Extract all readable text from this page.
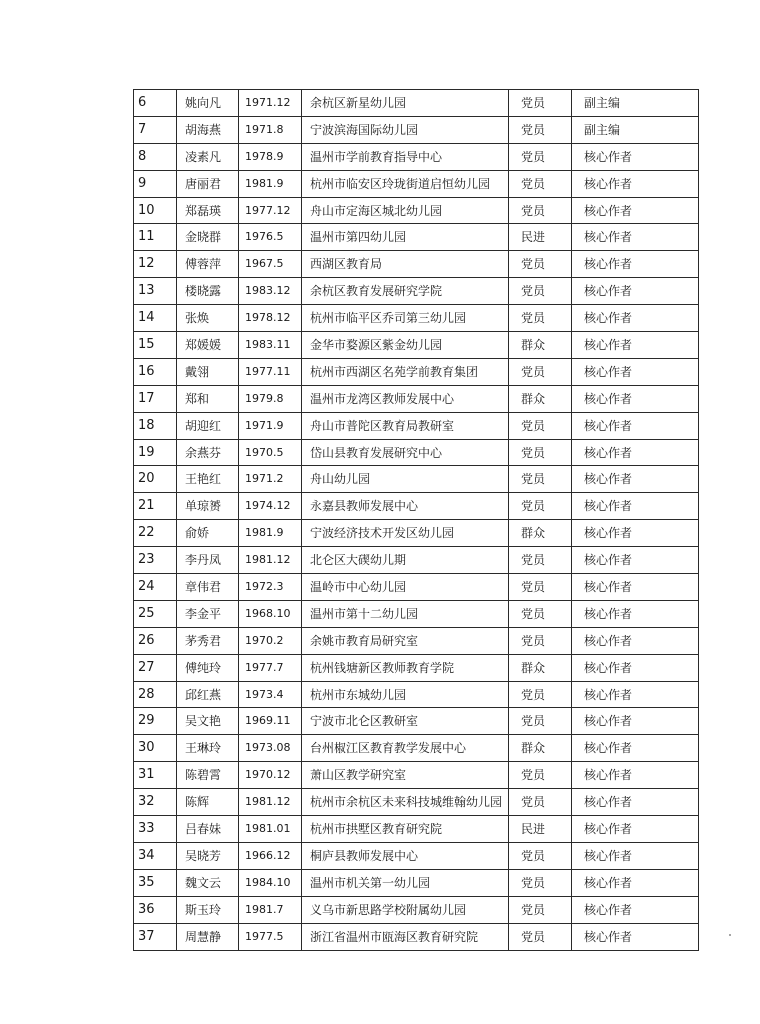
6	姚向凡	1971.12	余杭区新星幼儿园	党员	副主编
7	胡海燕	1971.8	宁波滨海国际幼儿园	党员	副主编
8	凌素凡	1978.9	温州市学前教育指导中心	党员	核心作者
9	唐丽君	1981.9	杭州市临安区玲珑街道启恒幼儿园	党员	核心作者
10	郑磊瑛	1977.12	舟山市定海区城北幼儿园	党员	核心作者
11	金晓群	1976.5	温州市第四幼儿园	民进	核心作者
12	傅蓉萍	1967.5	西湖区教育局	党员	核心作者
13	楼晓露	1983.12	余杭区教育发展研究学院	党员	核心作者
14	张焕	1978.12	杭州市临平区乔司第三幼儿园	党员	核心作者
15	郑媛媛	1983.11	金华市婺源区紫金幼儿园	群众	核心作者
16	戴翎	1977.11	杭州市西湖区名苑学前教育集团	党员	核心作者
17	郑和	1979.8	温州市龙湾区教师发展中心	群众	核心作者
18	胡迎红	1971.9	舟山市普陀区教育局教研室	党员	核心作者
19	余燕芬	1970.5	岱山县教育发展研究中心	党员	核心作者
20	王艳红	1971.2	舟山幼儿园	党员	核心作者
21	单琼赟	1974.12	永嘉县教师发展中心	党员	核心作者
22	俞娇	1981.9	宁波经济技术开发区幼儿园	群众	核心作者
23	李丹凤	1981.12	北仑区大碶幼儿期	党员	核心作者
24	章伟君	1972.3	温岭市中心幼儿园	党员	核心作者
25	李金平	1968.10	温州市第十二幼儿园	党员	核心作者
26	茅秀君	1970.2	余姚市教育局研究室	党员	核心作者
27	傅纯玲	1977.7	杭州钱塘新区教师教育学院	群众	核心作者
28	邱红燕	1973.4	杭州市东城幼儿园	党员	核心作者
29	吴文艳	1969.11	宁波市北仑区教研室	党员	核心作者
30	王琳玲	1973.08	台州椒江区教育教学发展中心	群众	核心作者
31	陈碧霄	1970.12	萧山区教学研究室	党员	核心作者
32	陈辉	1981.12	杭州市余杭区未来科技城维翰幼儿园	党员	核心作者
33	吕春妹	1981.01	杭州市拱墅区教育研究院	民进	核心作者
34	吴晓芳	1966.12	桐庐县教师发展中心	党员	核心作者
35	魏文云	1984.10	温州市机关第一幼儿园	党员	核心作者
36	斯玉玲	1981.7	义乌市新思路学校附属幼儿园	党员	核心作者
37	周慧静	1977.5	浙江省温州市瓯海区教育研究院	党员	核心作者
